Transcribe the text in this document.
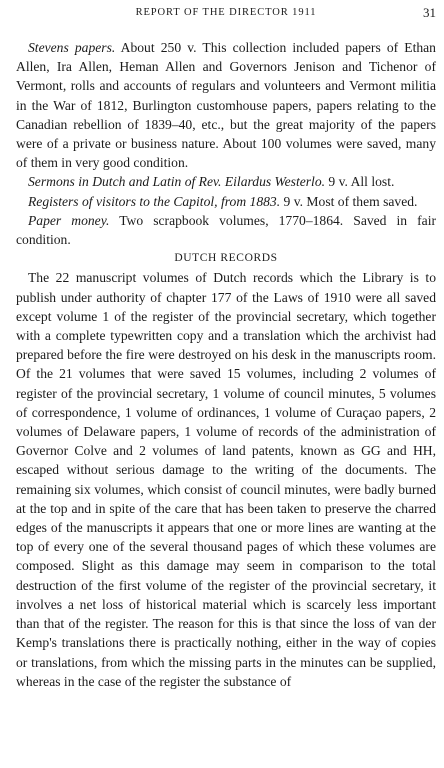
REPORT OF THE DIRECTOR 1911	31

Stevens papers. About 250 v. This collection included papers of Ethan Allen, Ira Allen, Heman Allen and Governors Jenison and Tichenor of Vermont, rolls and accounts of regulars and volunteers and Vermont militia in the War of 1812, Burlington customhouse papers, papers relating to the Canadian rebellion of 1839–40, etc., but the great majority of the papers were of a private or business nature. About 100 volumes were saved, many of them in very good condition.

Sermons in Dutch and Latin of Rev. Eilardus Westerlo. 9 v. All lost.

Registers of visitors to the Capitol, from 1883. 9 v. Most of them saved.

Paper money. Two scrapbook volumes, 1770–1864. Saved in fair condition.

DUTCH RECORDS

The 22 manuscript volumes of Dutch records which the Library is to publish under authority of chapter 177 of the Laws of 1910 were all saved except volume 1 of the register of the provincial secretary, which together with a complete typewritten copy and a translation which the archivist had prepared before the fire were destroyed on his desk in the manuscripts room. Of the 21 volumes that were saved 15 volumes, including 2 volumes of register of the provincial secretary, 1 volume of council minutes, 5 volumes of correspondence, 1 volume of ordinances, 1 volume of Curaçao papers, 2 volumes of Delaware papers, 1 volume of records of the administration of Governor Colve and 2 volumes of land patents, known as GG and HH, escaped without serious damage to the writing of the documents. The remaining six volumes, which consist of council minutes, were badly burned at the top and in spite of the care that has been taken to preserve the charred edges of the manuscripts it appears that one or more lines are wanting at the top of every one of the several thousand pages of which these volumes are composed. Slight as this damage may seem in comparison to the total destruction of the first volume of the register of the provincial secretary, it involves a net loss of historical material which is scarcely less important than that of the register. The reason for this is that since the loss of van der Kemp's translations there is practically nothing, either in the way of copies or translations, from which the missing parts in the minutes can be supplied, whereas in the case of the register the substance of
